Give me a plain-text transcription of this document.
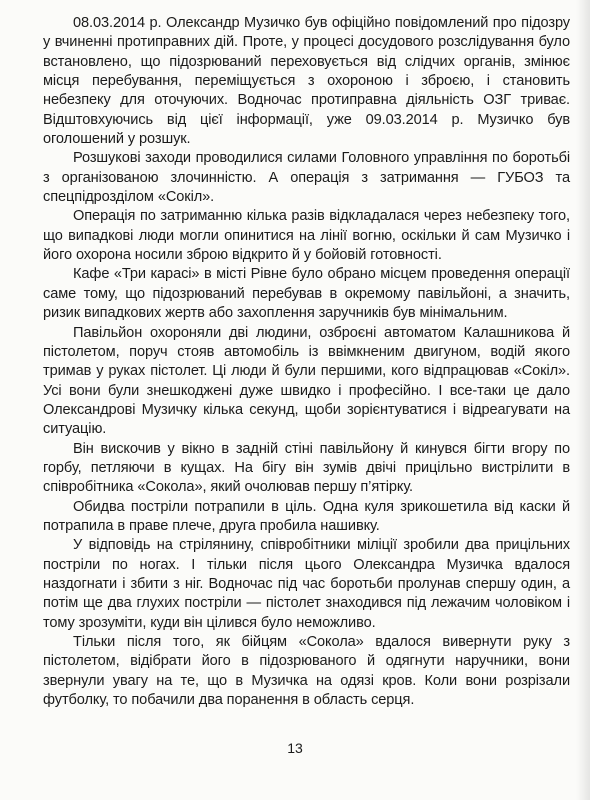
08.03.2014 р. Олександр Музичко був офіційно повідомлений про підозру у вчиненні протиправних дій. Проте, у процесі досудового розслідування було встановлено, що підозрюваний переховується від слідчих органів, змінює місця перебування, переміщується з охороною і зброєю, і становить небезпеку для оточуючих. Водночас протиправна діяльність ОЗГ триває. Відштовхуючись від цієї інформації, уже 09.03.2014 р. Музичко був оголошений у розшук.

Розшукові заходи проводилися силами Головного управління по боротьбі з організованою злочинністю. А операція з затримання — ГУБОЗ та спецпідрозділом «Сокіл».

Операція по затриманню кілька разів відкладалася через небезпеку того, що випадкові люди могли опинитися на лінії вогню, оскільки й сам Музичко і його охорона носили зброю відкрито й у бойовій готовності.

Кафе «Три карасі» в місті Рівне було обрано місцем проведення операції саме тому, що підозрюваний перебував в окремому павільйоні, а значить, ризик випадкових жертв або захоплення заручників був мінімальним.

Павільйон охороняли дві людини, озброєні автоматом Калашникова й пістолетом, поруч стояв автомобіль із ввімкненим двигуном, водій якого тримав у руках пістолет. Ці люди й були першими, кого відпрацював «Сокіл». Усі вони були знешкоджені дуже швидко і професійно. І все-таки це дало Олександрові Музичку кілька секунд, щоби зорієнтуватися і відреагувати на ситуацію.

Він вискочив у вікно в задній стіні павільйону й кинувся бігти вгору по горбу, петляючи в кущах. На бігу він зумів двічі прицільно вистрілити в співробітника «Сокола», який очолював першу п’ятірку.

Обидва постріли потрапили в ціль. Одна куля зрикошетила від каски й потрапила в праве плече, друга пробила нашивку.

У відповідь на стрілянину, співробітники міліції зробили два прицільних постріли по ногах. І тільки після цього Олександра Музичка вдалося наздогнати і збити з ніг. Водночас під час боротьби пролунав спершу один, а потім ще два глухих постріли — пістолет знаходився під лежачим чоловіком і тому зрозуміти, куди він цілився було неможливо.

Тільки після того, як бійцям «Сокола» вдалося вивернути руку з пістолетом, відібрати його в підозрюваного й одягнути наручники, вони звернули увагу на те, що в Музичка на одязі кров. Коли вони розрізали футболку, то побачили два поранення в область серця.

13
